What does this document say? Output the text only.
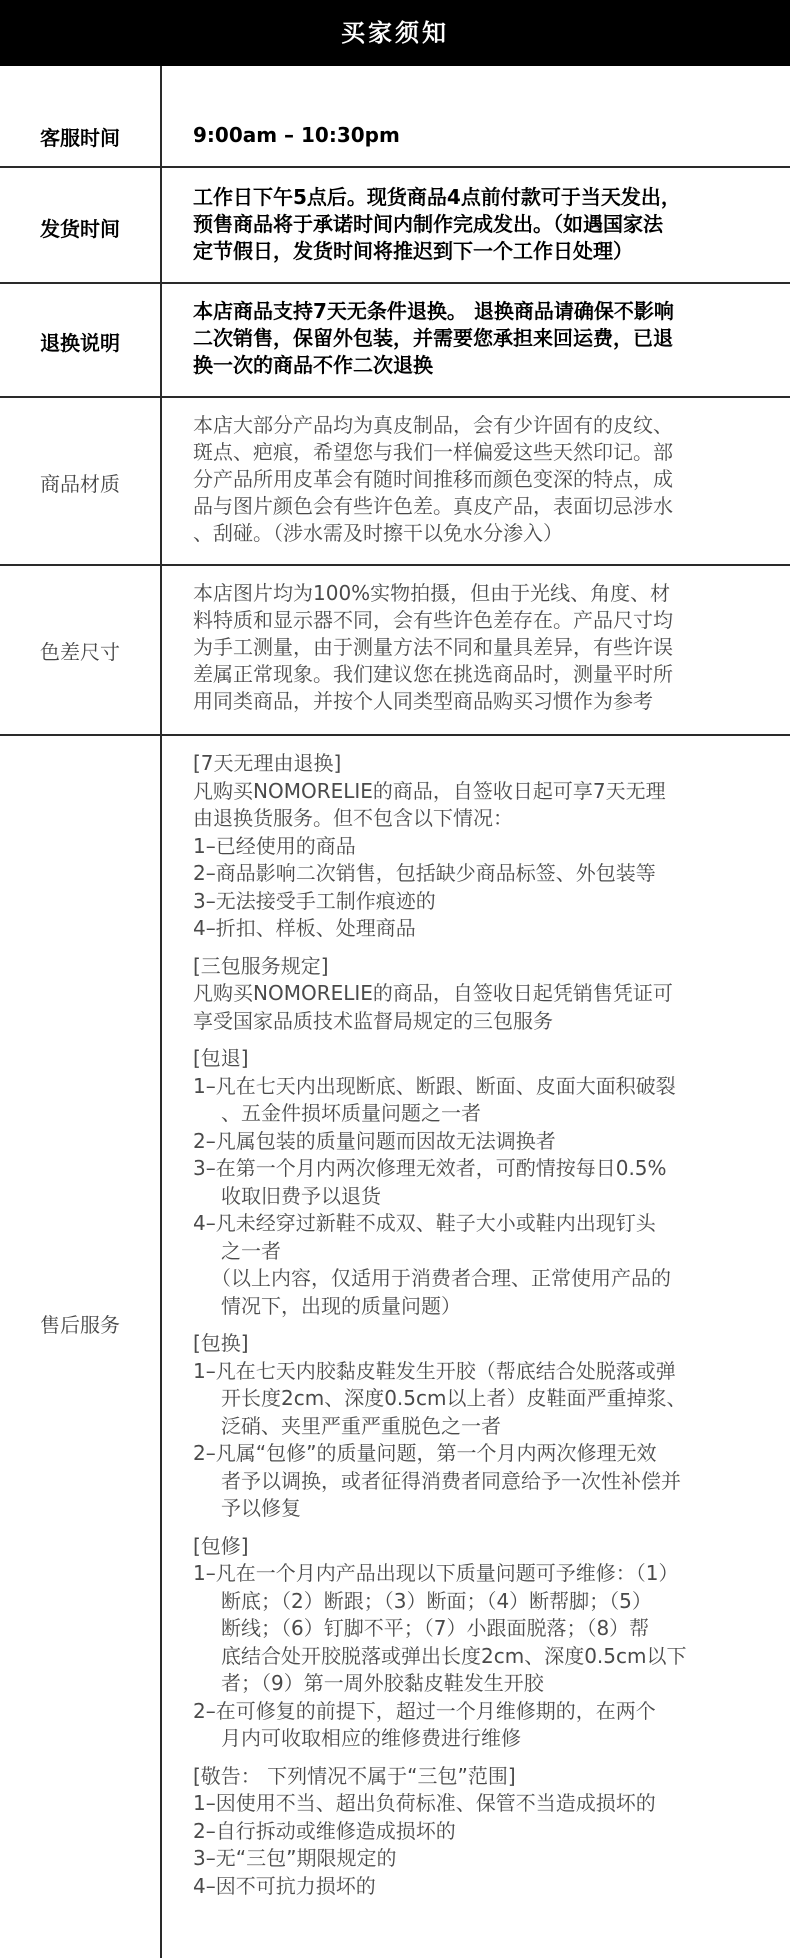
买家须知
客服时间	9:00am – 10:30pm
发货时间
工作日下午5点后。现货商品4点前付款可于当天发出，
预售商品将于承诺时间内制作完成发出。（如遇国家法
定节假日，发货时间将推迟到下一个工作日处理）
退换说明
本店商品支持7天无条件退换。 退换商品请确保不影响
二次销售，保留外包装，并需要您承担来回运费，已退
换一次的商品不作二次退换
商品材质
本店大部分产品均为真皮制品，会有少许固有的皮纹、
斑点、疤痕，希望您与我们一样偏爱这些天然印记。部
分产品所用皮革会有随时间推移而颜色变深的特点，成
品与图片颜色会有些许色差。真皮产品，表面切忌涉水
、刮碰。（涉水需及时擦干以免水分渗入）
色差尺寸
本店图片均为100%实物拍摄，但由于光线、角度、材
料特质和显示器不同，会有些许色差存在。产品尺寸均
为手工测量，由于测量方法不同和量具差异，有些许误
差属正常现象。我们建议您在挑选商品时，测量平时所
用同类商品，并按个人同类型商品购买习惯作为参考
售后服务
[7天无理由退换]
凡购买NOMORELIE的商品，自签收日起可享7天无理
由退换货服务。但不包含以下情况：
1–已经使用的商品
2–商品影响二次销售，包括缺少商品标签、外包装等
3–无法接受手工制作痕迹的
4–折扣、样板、处理商品
[三包服务规定]
凡购买NOMORELIE的商品，自签收日起凭销售凭证可
享受国家品质技术监督局规定的三包服务
[包退]
1–凡在七天内出现断底、断跟、断面、皮面大面积破裂
、五金件损坏质量问题之一者
2–凡属包装的质量问题而因故无法调换者
3–在第一个月内两次修理无效者，可酌情按每日0.5%
收取旧费予以退货
4–凡未经穿过新鞋不成双、鞋子大小或鞋内出现钉头
之一者
（以上内容，仅适用于消费者合理、正常使用产品的
情况下，出现的质量问题）
[包换]
1–凡在七天内胶黏皮鞋发生开胶（帮底结合处脱落或弹
开长度2cm、深度0.5cm以上者）皮鞋面严重掉浆、
泛硝、夹里严重严重脱色之一者
2–凡属“包修”的质量问题，第一个月内两次修理无效
者予以调换，或者征得消费者同意给予一次性补偿并
予以修复
[包修]
1–凡在一个月内产品出现以下质量问题可予维修：（1）
断底；（2）断跟；（3）断面；（4）断帮脚；（5）
断线；（6）钉脚不平；（7）小跟面脱落；（8）帮
底结合处开胶脱落或弹出长度2cm、深度0.5cm以下
者；（9）第一周外胶黏皮鞋发生开胶
2–在可修复的前提下，超过一个月维修期的，在两个
月内可收取相应的维修费进行维修
[敬告： 下列情况不属于“三包”范围]
1–因使用不当、超出负荷标准、保管不当造成损坏的
2–自行拆动或维修造成损坏的
3–无“三包”期限规定的
4–因不可抗力损坏的
